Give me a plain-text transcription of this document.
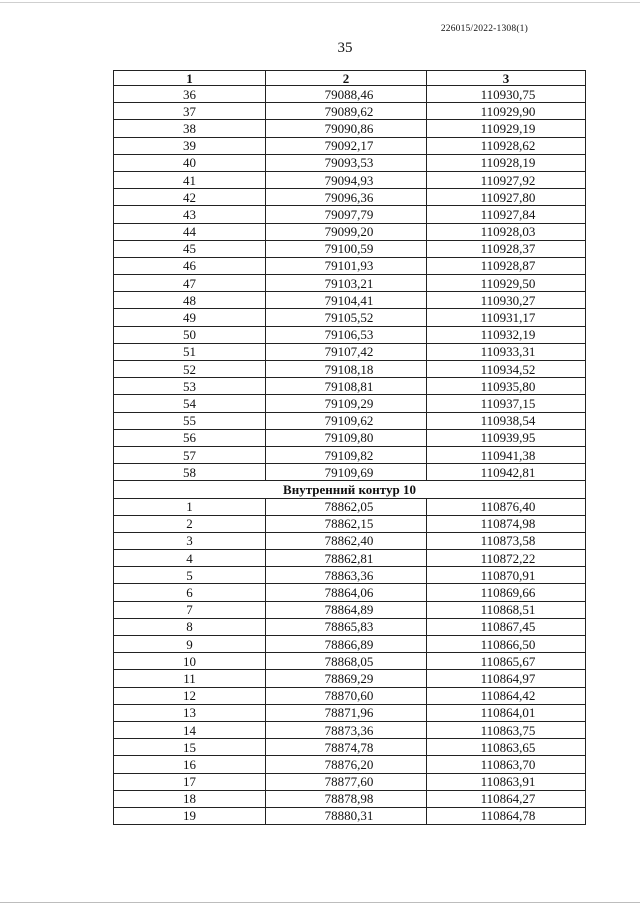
226015/2022-1308(1)
35
1	2	3
36	79088,46	110930,75
37	79089,62	110929,90
38	79090,86	110929,19
39	79092,17	110928,62
40	79093,53	110928,19
41	79094,93	110927,92
42	79096,36	110927,80
43	79097,79	110927,84
44	79099,20	110928,03
45	79100,59	110928,37
46	79101,93	110928,87
47	79103,21	110929,50
48	79104,41	110930,27
49	79105,52	110931,17
50	79106,53	110932,19
51	79107,42	110933,31
52	79108,18	110934,52
53	79108,81	110935,80
54	79109,29	110937,15
55	79109,62	110938,54
56	79109,80	110939,95
57	79109,82	110941,38
58	79109,69	110942,81
Внутренний контур 10		
1	78862,05	110876,40
2	78862,15	110874,98
3	78862,40	110873,58
4	78862,81	110872,22
5	78863,36	110870,91
6	78864,06	110869,66
7	78864,89	110868,51
8	78865,83	110867,45
9	78866,89	110866,50
10	78868,05	110865,67
11	78869,29	110864,97
12	78870,60	110864,42
13	78871,96	110864,01
14	78873,36	110863,75
15	78874,78	110863,65
16	78876,20	110863,70
17	78877,60	110863,91
18	78878,98	110864,27
19	78880,31	110864,78
